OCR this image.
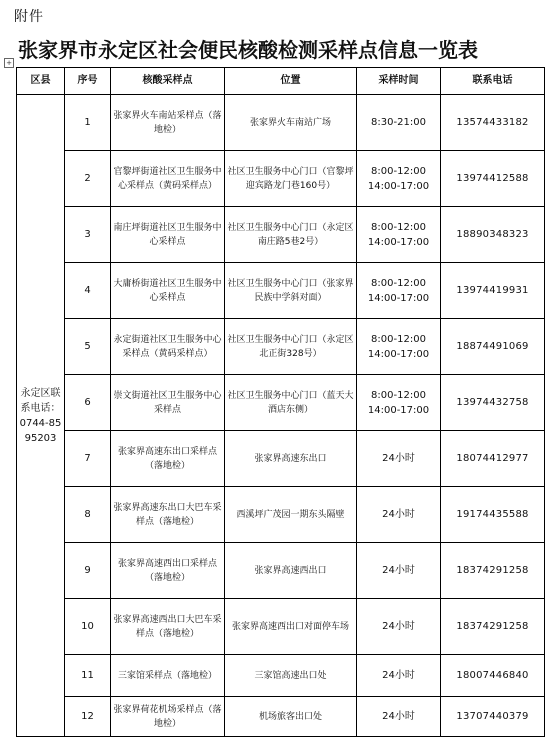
附件
+
张家界市永定区社会便民核酸检测采样点信息一览表
区县	序号	核酸采样点	位置	采样时间	联系电话
永定区联系电话：0744-8595203	1	张家界火车南站采样点（落地检）	张家界火车南站广场	8:30-21:00	13574433182
	2	官黎坪街道社区卫生服务中心采样点（黄码采样点）	社区卫生服务中心门口（官黎坪迎宾路龙门巷160号）	8:00-12:00 14:00-17:00	13974412588
	3	南庄坪街道社区卫生服务中心采样点	社区卫生服务中心门口（永定区南庄路5巷2号）	8:00-12:00 14:00-17:00	18890348323
	4	大庸桥街道社区卫生服务中心采样点	社区卫生服务中心门口（张家界民族中学斜对面）	8:00-12:00 14:00-17:00	13974419931
	5	永定街道社区卫生服务中心采样点（黄码采样点）	社区卫生服务中心门口（永定区北正街328号）	8:00-12:00 14:00-17:00	18874491069
	6	崇文街道社区卫生服务中心采样点	社区卫生服务中心门口（蓝天大酒店东侧）	8:00-12:00 14:00-17:00	13974432758
	7	张家界高速东出口采样点（落地检）	张家界高速东出口	24小时	18074412977
	8	张家界高速东出口大巴车采样点（落地检）	西溪坪广茂园一期东头隔壁	24小时	19174435588
	9	张家界高速西出口采样点（落地检）	张家界高速西出口	24小时	18374291258
	10	张家界高速西出口大巴车采样点（落地检）	张家界高速西出口对面停车场	24小时	18374291258
	11	三家馆采样点（落地检）	三家馆高速出口处	24小时	18007446840
	12	张家界荷花机场采样点（落地检）	机场旅客出口处	24小时	13707440379
